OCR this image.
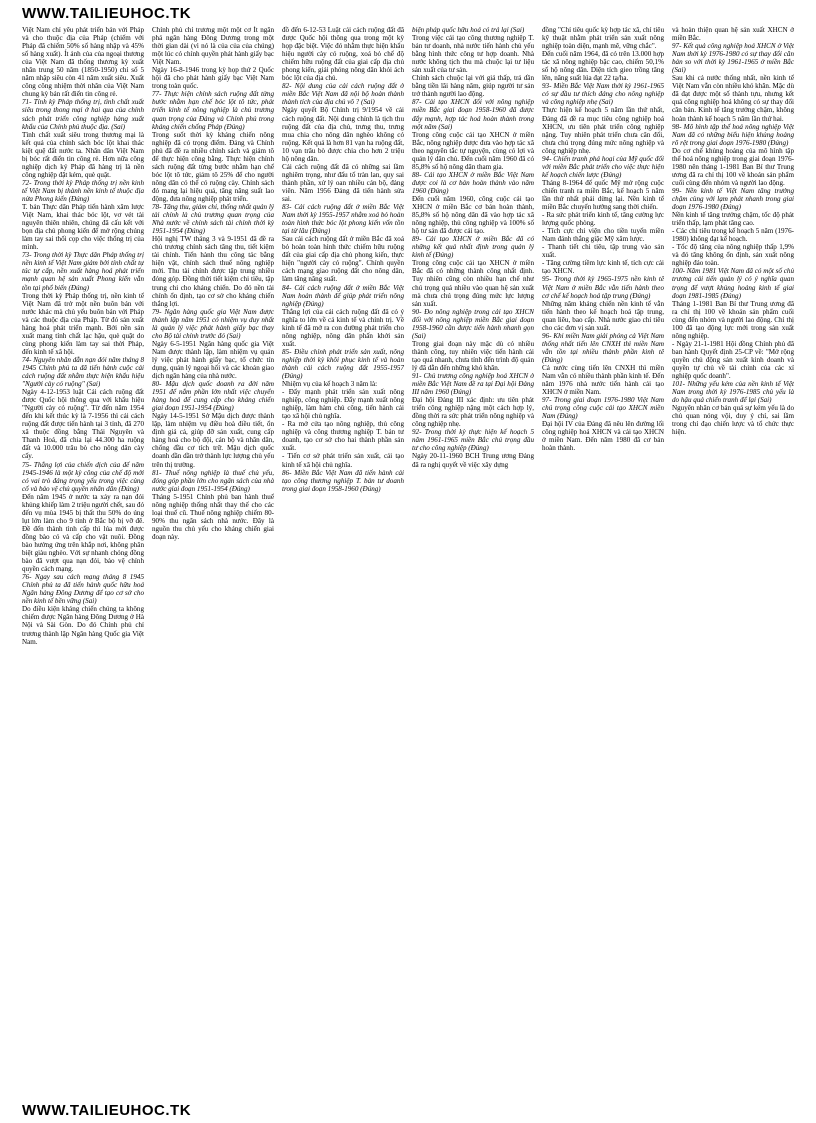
WWW.TAILIEUHOC.TK

Việt Nam chỉ yêu phát triển bán với Pháp và cho thuộc địa của Pháp (chiếm với Pháp đã chiếm 50% số hàng nhập và 45% số hàng xuất). Ít ảnh của của ngoại thương của Việt Nam đã thống thương kỳ xuất nhân trung 50 năm (1850-1950) chỉ số 5 năm nhập siêu còn 41 năm xuất siêu. Xuất công công nhiệm thời nhân của Việt Nam chung kỳ bán rất điển tin công rẻ.

71- Tính kỳ Pháp thống trị, tình chất xuất siêu trong thong mại ở hai qua của chính sách phát triển công nghiệp hàng xuất khẩu của Chính phủ thuộc địa. (Sai)

Tình chất xuất siêu trong thương mại là kết quả của chính sách bóc lột khai thác kiệt quệ đất nước ta. Nhân dân Việt Nam bị bóc rất điển tin công rẻ. Hơn nữa công nghiệp dịch ký Pháp đã hàng trị là nền công nghiệp đặt kém, què quặt.

72- Trong thời kỳ Pháp thống trị nền kinh tế Việt Nam bị thành nền kinh tế thuộc địa nửa Phong kiến (Đúng)

T. bản Thực dân Pháp tiến hành xâm lược Việt Nam, khai thác bóc lột, vơ vét tài nguyên thiên nhiên, chúng đã cấu kết với bọn địa chủ phong kiến để mở rộng chúng làm tay sai thối cọp cho việc thống trị của mình.

73- Trong thời kỳ Thực dân Pháp thống trị nền kinh tế Việt Nam giảm bởi tính chất tự túc tự cấp, nền xuất hàng hoá phát triển mạnh quan hệ sản xuất Phong kiến vẫn tồn tại phổ biến (Đúng)

Trong thời kỳ Pháp thống trị, nền kinh tế Việt Nam đã trở một nền buôn bán với nước khác mà chủ yếu buôn bán với Pháp và các thuộc địa của Pháp. Từ đó sản xuất hàng hoá phát triển mạnh. Bởi nền sản xuất mang tính chất lạc hậu, què quặt do cùng phong kiến làm tay sai thời Pháp, đến kinh tế xã hội.

74- Nguyên nhân dẫn nạn đói năm tháng 8 1945 Chính phủ ta đã tiến hành cuộc cải cách ruộng đất nhằm thực hiện khẩu hiệu "Người cày có ruộng" (Sai)

Ngày 4-12-1953 luật Cải cách ruộng đất được Quốc hội thông qua với khẩu hiệu "Người cày có ruộng". Từ đến năm 1954 đến khi kết thúc kỳ là 7-1956 thì cải cách ruộng đất được tiến hành tại 3 tỉnh, đã 270 xã thuộc đồng bằng Thái Nguyên và Thanh Hoá, đã chia lại 44.300 ha ruộng đất và 10.000 trâu bò cho nông dân cày cấy.

75- Thắng lợi của chiến dịch của đế năm 1945-1946 là một kỳ công của chế độ mới có vai trò đáng trọng yếu trong việc củng cố và bảo vệ chủ quyền nhân dân (Đúng)

Đến năm 1945 ở nước ta xảy ra nạn đói khủng khiếp làm 2 triệu người chết, sau đó đến vụ mùa 1945 bị thất thu 50% do úng lụt lớn làm cho 9 tỉnh ở Bắc bộ bị vỡ đê. Đề đến thành tình cấp thì lúa mới được đồng bào có và cấp cho vật nuôi. Đồng bào hưởng ứng trên khắp nơi, không phân biệt giàu nghèo. Với sự nhanh chóng đồng bào đã vượt qua nạn đói, bảo vệ chính quyền cách mạng.

76- Ngay sau cách mạng tháng 8 1945 Chính phủ ta đã tiến hành quốc hữu hoá Ngân hàng Đông Dương để tạo cơ sở cho nền kinh tế bền vững (Sai)

Do điều kiện kháng chiến chúng ta không chiếm được Ngân hàng Đông Dương ở Hà Nội và Sài Gòn. Do đó Chính phủ chỉ trương thành lập Ngân hàng Quốc gia Việt Nam.

Chính phủ chỉ trương một một cơ Ít ngân phá ngân hàng Đông Dương trong một thời gian dài (vì nó là của của của chúng) một lúc có chính quyền phát hành giấy bạc Việt Nam.

Ngày 16-8-1946 trong kỳ họp thứ 2 Quốc hội đã cho phát hành giấy bạc Việt Nam trong toàn quốc.

77- Thực hiện chính sách ruộng đất từng bước nhằm hạn chế bóc lột tô tức, phát triển kinh tế nông nghiệp là chủ trương quan trọng của Đảng và Chính phủ trong kháng chiến chống Pháp (Đúng)

Trong suốt thời kỳ kháng chiến nông nghiệp đã có trọng điểm. Đảng và Chính phủ đã đề ra nhiều chính sách và giảm tô để thực hiện công bằng. Thực hiện chính sách ruộng đất từng bước nhằm hạn chế bóc lột tô tức, giảm tô 25% để cho người nông dân có thể có ruộng cày. Chính sách đó mang lại hiệu quả, tăng năng suất lao động, đưa nông nghiệp phát triển.

78- Tăng thu, giảm chi, thống nhất quản lý tài chính là chủ trương quan trọng của Nhà nước về chính sách tài chính thời kỳ 1951-1954 (Đúng)

Hội nghị TW tháng 3 và 9-1951 đã đề ra chủ trương chính sách tăng thu, tiết kiệm tài chính. Tiến hành thu công tác bằng hiện vật, chính sách thuế nông nghiệp mới. Thu tài chính được tập trung nhiều đóng góp. Đồng thời tiết kiệm chi tiêu, tập trung chi cho kháng chiến. Do đó nền tài chính ổn định, tạo cơ sở cho kháng chiến thắng lợi.

79- Ngân hàng quốc gia Việt Nam được thành lập năm 1951 có nhiệm vụ duy nhất là quản lý việc phát hành giấy bạc thay cho Bộ tài chính trước đó (Sai)

Ngày 6-5-1951 Ngân hàng quốc gia Việt Nam được thành lập, làm nhiệm vụ quản lý việc phát hành giấy bạc, tổ chức tín dụng, quản lý ngoại hối và các khoản giao dịch ngân hàng của nhà nước.

80- Mậu dịch quốc doanh ra đời năm 1951 để nắm phần lớn nhất việc chuyển hàng hoá để cung cấp cho kháng chiến giai đoạn 1951-1954 (Đúng)

Ngày 14-5-1951 Sở Mậu dịch được thành lập, làm nhiệm vụ điều hoà điều tiết, ổn định giá cả, giúp đỡ sản xuất, cung cấp hàng hoá cho bộ đội, cán bộ và nhân dân, chống đầu cơ tích trữ. Mậu dịch quốc doanh dần dần trở thành lực lượng chủ yếu trên thị trường.

81- Thuế nông nghiệp là thuế chủ yếu, đóng góp phần lớn cho ngân sách của nhà nước giai đoạn 1951-1954 (Đúng)

Tháng 5-1951 Chính phủ ban hành thuế nông nghiệp thống nhất thay thế cho các loại thuế cũ. Thuế nông nghiệp chiếm 80-90% thu ngân sách nhà nước. Đây là nguồn thu chủ yếu cho kháng chiến giai đoạn này.

đồ đến 6-12-53 Luật cải cách ruộng đất đã được Quốc hội thông qua trong một kỳ họp đặc biệt. Việc đó nhằm thực hiện khẩu hiệu người cày có ruộng, xoá bỏ chế độ chiếm hữu ruộng đất của giai cấp địa chủ phong kiến, giải phóng nông dân khỏi ách bóc lột của địa chủ.

82- Nội dung của cải cách ruộng đất ở miền Bắc Việt Nam đã nội bộ hoàn thành thành tích của địa chủ vô ? (Sai)

Ngày quyết Bộ Chính trị 9/1954 về cải cách ruộng đất. Nội dung chính là tịch thu ruộng đất của địa chủ, trưng thu, trưng mua chia cho nông dân nghèo không có ruộng. Kết quả là hơn 81 vạn ha ruộng đất, 10 vạn trâu bò được chia cho hơn 2 triệu hộ nông dân.

Cải cách ruộng đất đã có những sai lầm nghiêm trọng, như đấu tố tràn lan, quy sai thành phần, xử lý oan nhiều cán bộ, đảng viên. Năm 1956 Đảng đã tiến hành sửa sai.

83- Cải cách ruộng đất ở miền Bắc Việt Nam thời kỳ 1955-1957 nhằm xoá bỏ hoàn toàn hình thức bóc lột phong kiến vốn tồn tại từ lâu (Đúng)

Sau cải cách ruộng đất ở miền Bắc đã xoá bỏ hoàn toàn hình thức chiếm hữu ruộng đất của giai cấp địa chủ phong kiến, thực hiện "người cày có ruộng". Chính quyền cách mạng giao ruộng đất cho nông dân, làm tăng năng suất.

84- Cải cách ruộng đất ở miền Bắc Việt Nam hoàn thành để giúp phát triển nông nghiệp (Đúng)

Thắng lợi của cải cách ruộng đất đã có ý nghĩa to lớn về cả kinh tế và chính trị. Về kinh tế đã mở ra con đường phát triển cho nông nghiệp, nông dân phấn khởi sản xuất.

85- Điều chỉnh phát triển sản xuất, nông nghiệp thời kỳ khôi phục kinh tế và hoàn thành cải cách ruộng đất 1955-1957 (Đúng)

Nhiệm vụ của kế hoạch 3 năm là:

- Đẩy mạnh phát triển sản xuất nông nghiệp, công nghiệp. Đẩy mạnh xuất nông nghiệp, làm hàm chủ công, tiến hành cải tạo xã hội chủ nghĩa.

- Ra mở cửa tạo nông nghiệp, thủ công nghiệp và công thương nghiệp T. bản tư doanh, tạo cơ sở cho hai thành phần sản xuất.

- Tiến cơ sở phát triển sản xuất, cải tạo kinh tế xã hội chủ nghĩa.

86- Miền Bắc Việt Nam đã tiến hành cải tạo công thương nghiệp T. bản tư doanh trong giai đoạn 1958-1960 (Đúng)

biện pháp quốc hữu hoá có trả lại (Sai)

Trong việc cải tạo công thương nghiệp T. bản tư doanh, nhà nước tiến hành chủ yếu bằng hình thức công tư hợp doanh. Nhà nước không tịch thu mà chuộc lại tư liệu sản xuất của tư sản.

Chính sách chuộc lại với giá thấp, trả dần bằng tiền lãi hàng năm, giúp người tư sản trở thành người lao động.

87- Cải tạo XHCN đối với nông nghiệp miền Bắc giai đoạn 1958-1960 đã được đẩy mạnh, hợp tác hoá hoàn thành trong một năm (Sai)

Trong công cuộc cải tạo XHCN ở miền Bắc, nông nghiệp được đưa vào hợp tác xã theo nguyên tắc tự nguyện, cùng có lợi và quản lý dân chủ. Đến cuối năm 1960 đã có 85,8% số hộ nông dân tham gia.

88- Cải tạo XHCN ở miền Bắc Việt Nam được coi là cơ bản hoàn thành vào năm 1960 (Đúng)

Đến cuối năm 1960, công cuộc cải tạo XHCN ở miền Bắc cơ bản hoàn thành, 85,8% số hộ nông dân đã vào hợp tác xã nông nghiệp, thủ công nghiệp và 100% số hộ tư sản đã được cải tạo.

89- Cải tạo XHCN ở miền Bắc đã có những kết quả nhất định trong quản lý kinh tế (Đúng)

Trong công cuộc cải tạo XHCN ở miền Bắc đã có những thành công nhất định. Tuy nhiên cũng còn nhiều hạn chế như chú trọng quá nhiều vào quan hệ sản xuất mà chưa chú trọng đúng mức lực lượng sản xuất.

90- Đo nông nghiệp trong cải tạo XHCN đối với nông nghiệp miền Bắc giai đoạn 1958-1960 cần được tiến hành nhanh gọn (Sai)

Trong giai đoạn này mặc dù có nhiều thành công, tuy nhiên việc tiến hành cải tạo quá nhanh, chưa tính đến trình độ quản lý đã dẫn đến những khó khăn.

91- Chủ trương công nghiệp hoá XHCN ở miền Bắc Việt Nam đề ra tại Đại hội Đảng III năm 1960 (Đúng)

Đại hội Đảng III xác định: ưu tiên phát triển công nghiệp nặng một cách hợp lý, đồng thời ra sức phát triển nông nghiệp và công nghiệp nhẹ.

92- Trong thời kỳ thực hiện kế hoạch 5 năm 1961-1965 miền Bắc chú trọng đầu tư cho công nghiệp (Đúng)

Ngày 20-11-1960 BCH Trung ương Đảng đã ra nghị quyết về việc xây dựng

đồng "Chỉ tiêu quốc kỳ hợp tác xã, chỉ tiêu kỹ thuật nhằm phát triển sản xuất nông nghiệp toàn diện, mạnh mẽ, vững chắc".

Đến cuối năm 1964, đã có trên 13.000 hợp tác xã nông nghiệp bậc cao, chiếm 50,1% số hộ nông dân. Diện tích gieo trồng tăng lên, năng suất lúa đạt 22 tạ/ha.

93- Miền Bắc Việt Nam thời kỳ 1961-1965 có sự đầu tư thích đáng cho nông nghiệp và công nghiệp nhẹ (Sai)

Thực hiện kế hoạch 5 năm lần thứ nhất, Đảng đã đề ra mục tiêu công nghiệp hoá XHCN, ưu tiên phát triển công nghiệp nặng. Tuy nhiên phát triển chưa cân đối, chưa chú trọng đúng mức nông nghiệp và công nghiệp nhẹ.

94- Chiến tranh phá hoại của Mỹ quốc đối với miền Bắc phát triển cho việc thực hiện kế hoạch chiến lược (Đúng)

Tháng 8-1964 đế quốc Mỹ mở rộng cuộc chiến tranh ra miền Bắc, kế hoạch 5 năm lần thứ nhất phải dừng lại. Nền kinh tế miền Bắc chuyển hướng sang thời chiến.

- Ra sức phát triển kinh tế, tăng cường lực lượng quốc phòng.

- Tích cực chi viện cho tiền tuyến miền Nam đánh thắng giặc Mỹ xâm lược.

- Thanh tiết chi tiêu, tập trung vào sản xuất.

- Tăng cường tiềm lực kinh tế, tích cực cải tạo XHCN.

95- Trong thời kỳ 1965-1975 nền kinh tế Việt Nam ở miền Bắc vẫn tiến hành theo cơ chế kế hoạch hoá tập trung (Đúng)

Những năm kháng chiến nền kinh tế vẫn tiến hành theo kế hoạch hoá tập trung, quan liêu, bao cấp. Nhà nước giao chỉ tiêu cho các đơn vị sản xuất.

96- Khi miền Nam giải phóng cả Việt Nam thống nhất tiến lên CNXH thì miền Nam vẫn tồn tại nhiều thành phần kinh tế (Đúng)

Cả nước cùng tiến lên CNXH thì miền Nam vẫn có nhiều thành phần kinh tế. Đến năm 1976 nhà nước tiến hành cải tạo XHCN ở miền Nam.

97- Trong giai đoạn 1976-1980 Việt Nam chú trọng công cuộc cải tạo XHCN miền Nam (Đúng)

Đại hội IV của Đảng đã nêu lên đường lối công nghiệp hoá XHCN và cải tạo XHCN ở miền Nam. Đến năm 1980 đã cơ bản hoàn thành.

và hoàn thiện quan hệ sản xuất XHCN ở miền Bắc.

97- Kết quả công nghiệp hoá XHCN ở Việt Nam thời kỳ 1976-1980 có sự thay đổi căn bản so với thời kỳ 1961-1965 ở miền Bắc (Sai)

Sau khi cả nước thống nhất, nền kinh tế Việt Nam vẫn còn nhiều khó khăn. Mặc dù đã đạt được một số thành tựu, nhưng kết quả công nghiệp hoá không có sự thay đổi căn bản. Kinh tế tăng trưởng chậm, không hoàn thành kế hoạch 5 năm lần thứ hai.

98- Mô hình tập thể hoá nông nghiệp Việt Nam đã có những biểu hiện khủng hoảng rõ rệt trong giai đoạn 1976-1980 (Đúng)

Do cơ chế khủng hoảng của mô hình tập thể hoá nông nghiệp trong giai đoạn 1976-1980 nên tháng 1-1981 Ban Bí thư Trung ương đã ra chỉ thị 100 về khoán sản phẩm cuối cùng đến nhóm và người lao động.

99- Nền kinh tế Việt Nam tăng trưởng chậm cùng với lạm phát nhanh trong giai đoạn 1976-1980 (Đúng)

Nền kinh tế tăng trưởng chậm, tốc độ phát triển thấp, lạm phát tăng cao.

- Các chỉ tiêu trong kế hoạch 5 năm (1976-1980) không đạt kế hoạch.

- Tốc độ tăng của nông nghiệp thấp 1,9% và đó tăng không ổn định, sản xuất nông nghiệp đáo toàn.

100- Năm 1981 Việt Nam đã có một số chủ trương cải tiến quản lý có ý nghĩa quan trọng để vượt khủng hoảng kinh tế giai đoạn 1981-1985 (Đúng)

Tháng 1-1981 Ban Bí thư Trung ương đã ra chỉ thị 100 về khoán sản phẩm cuối cùng đến nhóm và người lao động. Chỉ thị 100 đã tạo động lực mới trong sản xuất nông nghiệp.

- Ngày 21-1-1981 Hội đồng Chính phủ đã ban hành Quyết định 25-CP về: "Mở rộng quyền chủ động sản xuất kinh doanh và quyền tự chủ về tài chính của các xí nghiệp quốc doanh".

101- Những yếu kém của nền kinh tế Việt Nam trong thời kỳ 1976-1985 chủ yếu là do hậu quả chiến tranh để lại (Sai)

Nguyên nhân cơ bản quá sự kém yếu là do chủ quan nóng vội, duy ý chí, sai lầm trong chỉ đạo chiến lược và tổ chức thực hiện.

WWW.TAILIEUHOC.TK
